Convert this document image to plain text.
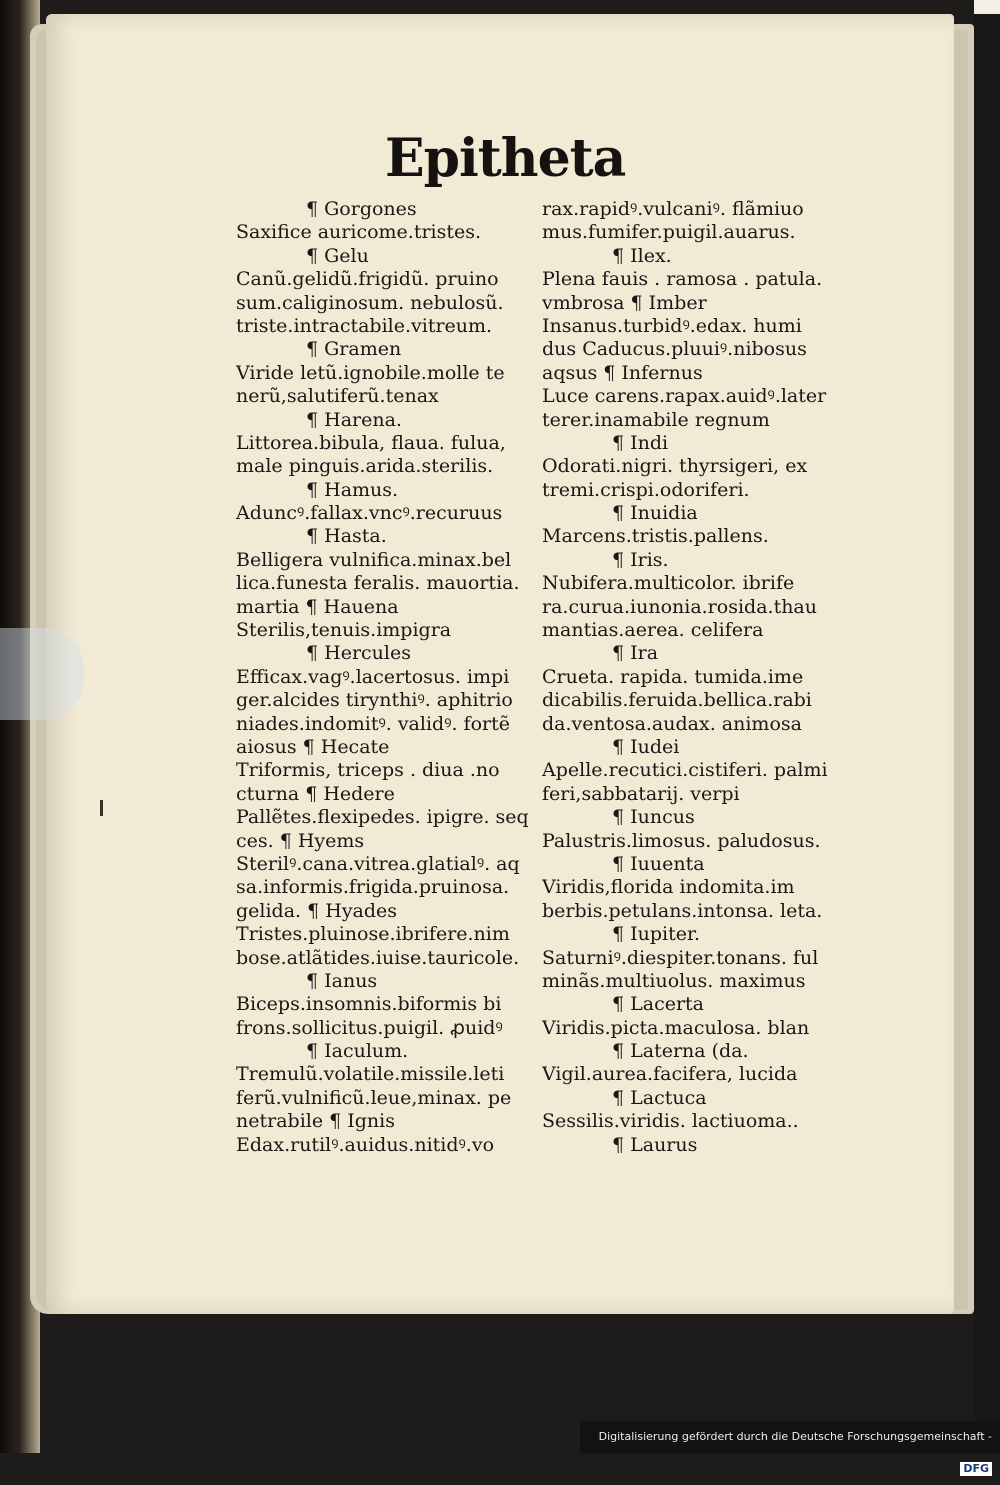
Epitheta
¶ Gorgones
Saxifice auricome.tristes.
¶ Gelu
Canũ.gelidũ.frigidũ. pruino
sum.caliginosum. nebulosũ.
triste.intractabile.vitreum.
¶ Gramen
Viride letũ.ignobile.molle te
nerũ,salutiferũ.tenax
¶ Harena.
Littorea.bibula, flaua. fulua,
male pinguis.arida.sterilis.
¶ Hamus.
Aduncꝰ.fallax.vncꝰ.recuruus
¶ Hasta.
Belligera vulnifica.minax.bel
lica.funesta feralis. mauortia.
martia ¶ Hauena
Sterilis,tenuis.impigra
¶ Hercules
Efficax.vagꝰ.lacertosus. impi
ger.alcides tirynthiꝰ. aphitrio
niades.indomitꝰ. validꝰ. fortẽ
aiosus ¶ Hecate
Triformis, triceps . diua .no
cturna ¶ Hedere
Pallẽtes.flexipedes. ipigre. seq
ces. ¶ Hyems
Sterilꝰ.cana.vitrea.glatialꝰ. aq
sa.informis.frigida.pruinosa.
gelida. ¶ Hyades
Tristes.pluinose.ibrifere.nim
bose.atlãtides.iuise.tauricole.
¶ Ianus
Biceps.insomnis.biformis bi
frons.sollicitus.puigil. ꝓuidꝰ
¶ Iaculum.
Tremulũ.volatile.missile.leti
ferũ.vulnificũ.leue,minax. pe
netrabile ¶ Ignis
Edax.rutilꝰ.auidus.nitidꝰ.vo
rax.rapidꝰ.vulcaniꝰ. flãmiuo
mus.fumifer.puigil.auarus.
¶ Ilex.
Plena fauis . ramosa . patula.
vmbrosa ¶ Imber
Insanus.turbidꝰ.edax. humi
dus Caducus.pluuiꝰ.nibosus
aqsus ¶ Infernus
Luce carens.rapax.auidꝰ.later
terer.inamabile regnum
¶ Indi
Odorati.nigri. thyrsigeri, ex
tremi.crispi.odoriferi.
¶ Inuidia
Marcens.tristis.pallens.
¶ Iris.
Nubifera.multicolor. ibrife
ra.curua.iunonia.rosida.thau
mantias.aerea. celifera
¶ Ira
Crueta. rapida. tumida.ime
dicabilis.feruida.bellica.rabi
da.ventosa.audax. animosa
¶ Iudei
Apelle.recutici.cistiferi. palmi
feri,sabbatarij. verpi
¶ Iuncus
Palustris.limosus. paludosus.
¶ Iuuenta
Viridis,florida indomita.im
berbis.petulans.intonsa. leta.
¶ Iupiter.
Saturniꝰ.diespiter.tonans. ful
minãs.multiuolus. maximus
¶ Lacerta
Viridis.picta.maculosa. blan
¶ Laterna (da.
Vigil.aurea.facifera, lucida
¶ Lactuca
Sessilis.viridis. lactiuoma..
¶ Laurus
Digitalisierung gefördert durch die Deutsche Forschungsgemeinschaft -DFG
